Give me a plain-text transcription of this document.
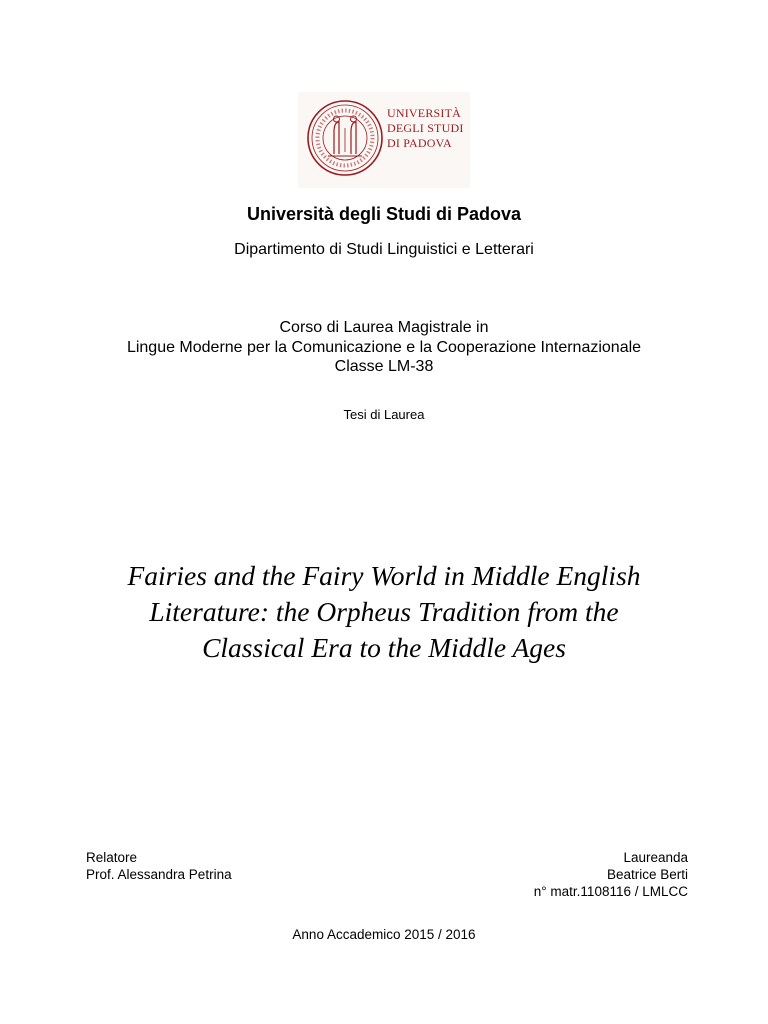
UNIVERSITÀ
DEGLI STUDI
DI PADOVA
Università degli Studi di Padova
Dipartimento di Studi Linguistici e Letterari
Corso di Laurea Magistrale in
Lingue Moderne per la Comunicazione e la Cooperazione Internazionale
Classe LM-38
Tesi di Laurea
Fairies and the Fairy World in Middle English
Literature: the Orpheus Tradition from the
Classical Era to the Middle Ages
Relatore
Prof. Alessandra Petrina
Laureanda
Beatrice Berti
n° matr.1108116 / LMLCC
Anno Accademico 2015 / 2016
